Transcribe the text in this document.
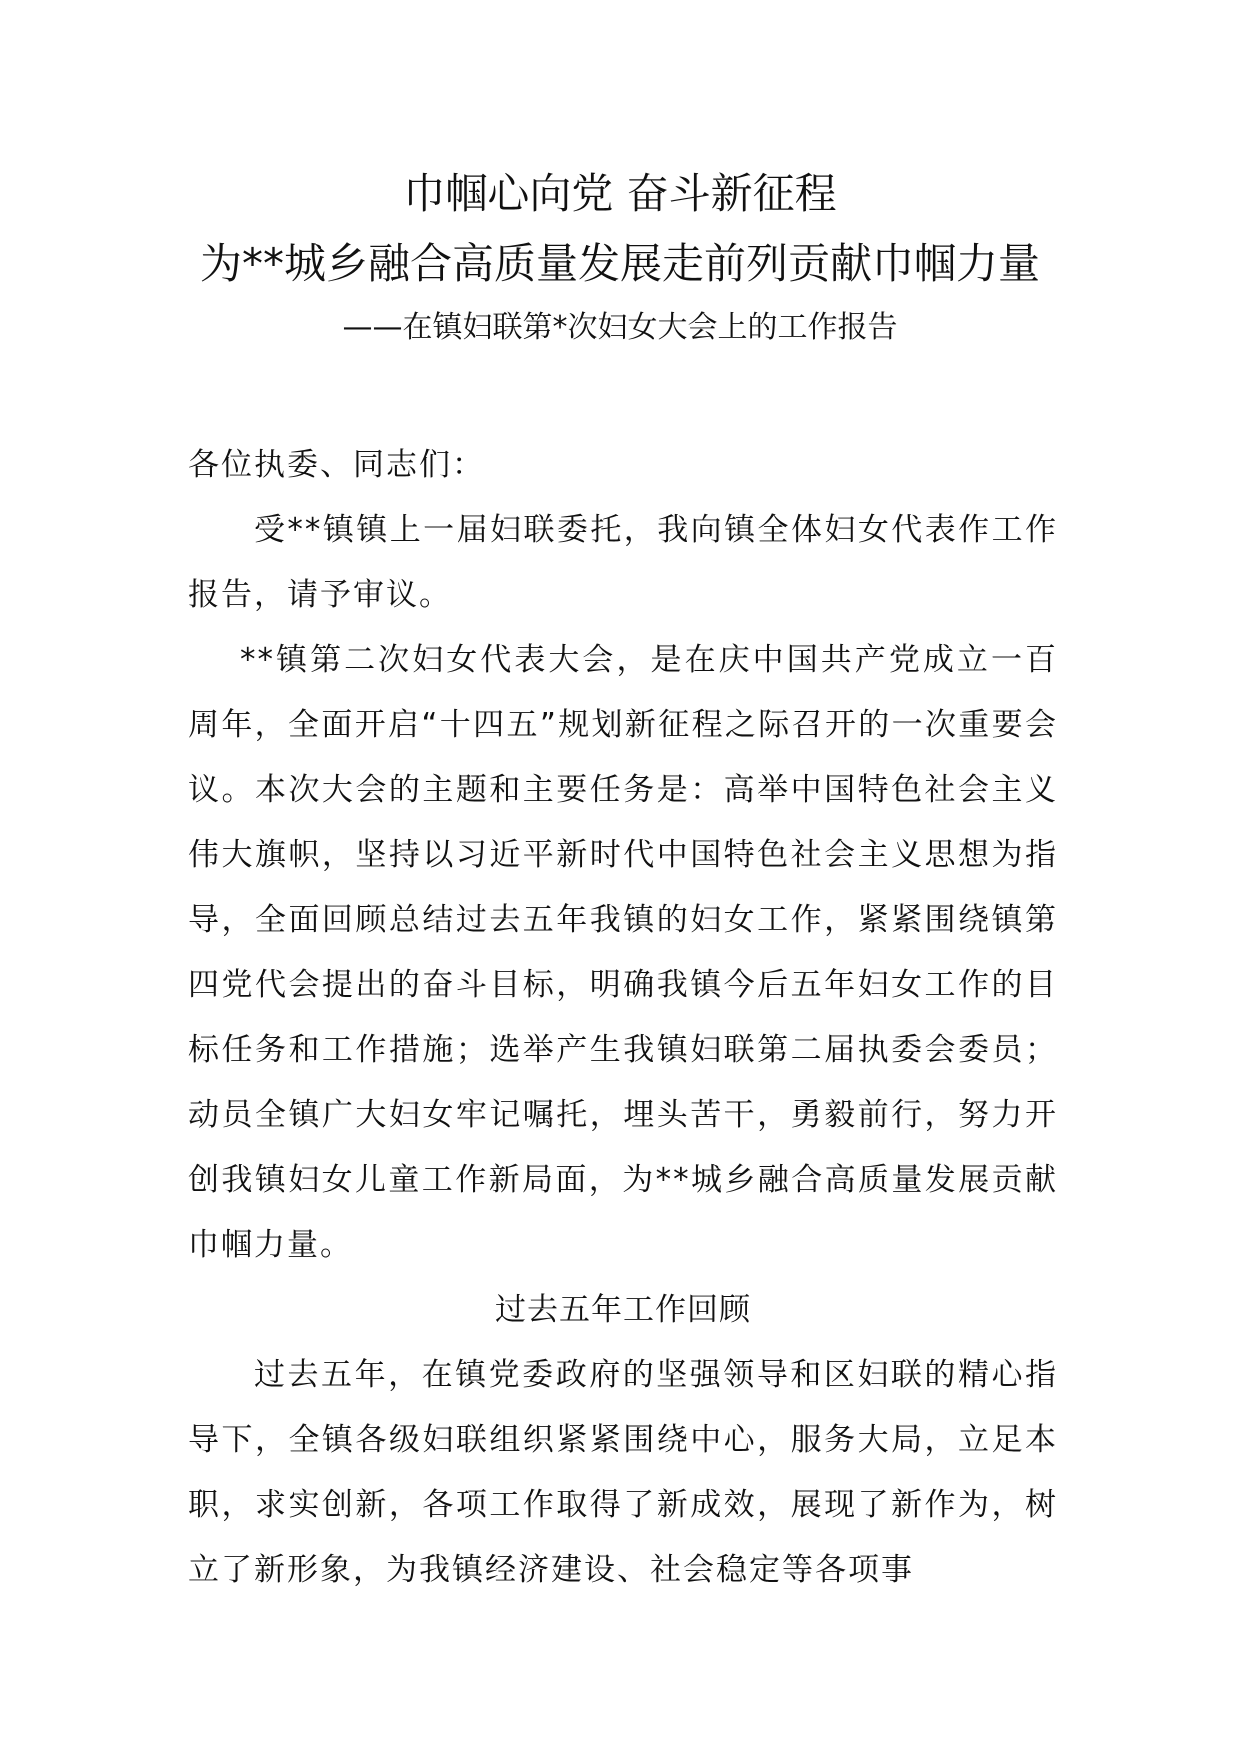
巾帼心向党 奋斗新征程
为**城乡融合高质量发展走前列贡献巾帼力量
——在镇妇联第*次妇女大会上的工作报告

各位执委、同志们：

受**镇镇上一届妇联委托，我向镇全体妇女代表作工作报告，请予审议。

**镇第二次妇女代表大会，是在庆中国共产党成立一百周年，全面开启“十四五”规划新征程之际召开的一次重要会议。本次大会的主题和主要任务是：高举中国特色社会主义伟大旗帜，坚持以习近平新时代中国特色社会主义思想为指导，全面回顾总结过去五年我镇的妇女工作，紧紧围绕镇第四党代会提出的奋斗目标，明确我镇今后五年妇女工作的目标任务和工作措施；选举产生我镇妇联第二届执委会委员；动员全镇广大妇女牢记嘱托，埋头苦干，勇毅前行，努力开创我镇妇女儿童工作新局面，为**城乡融合高质量发展贡献巾帼力量。

过去五年工作回顾

过去五年，在镇党委政府的坚强领导和区妇联的精心指导下，全镇各级妇联组织紧紧围绕中心，服务大局，立足本职，求实创新，各项工作取得了新成效，展现了新作为，树立了新形象，为我镇经济建设、社会稳定等各项事
